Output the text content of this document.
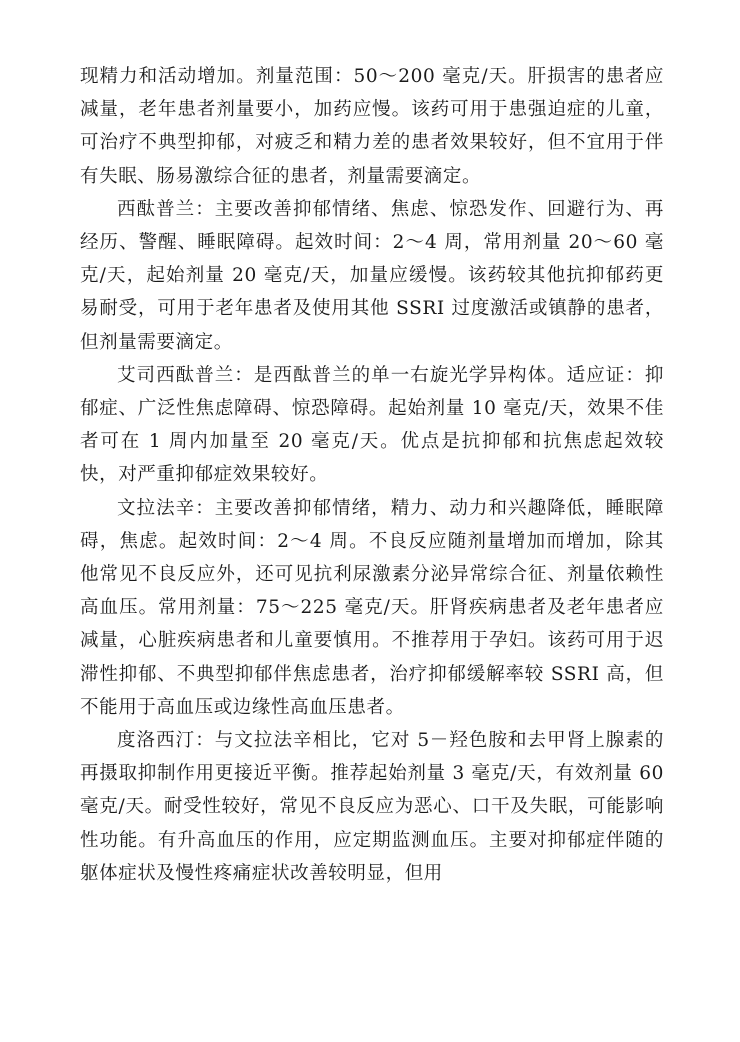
现精力和活动增加。剂量范围：50～200 毫克/天。肝损害的患者应减量，老年患者剂量要小，加药应慢。该药可用于患强迫症的儿童，可治疗不典型抑郁，对疲乏和精力差的患者效果较好，但不宜用于伴有失眠、肠易激综合征的患者，剂量需要滴定。

西酞普兰：主要改善抑郁情绪、焦虑、惊恐发作、回避行为、再经历、警醒、睡眠障碍。起效时间：2～4 周，常用剂量 20～60 毫克/天，起始剂量 20 毫克/天，加量应缓慢。该药较其他抗抑郁药更易耐受，可用于老年患者及使用其他 SSRI 过度激活或镇静的患者，但剂量需要滴定。

艾司西酞普兰：是西酞普兰的单一右旋光学异构体。适应证：抑郁症、广泛性焦虑障碍、惊恐障碍。起始剂量 10 毫克/天，效果不佳者可在 1 周内加量至 20 毫克/天。优点是抗抑郁和抗焦虑起效较快，对严重抑郁症效果较好。

文拉法辛：主要改善抑郁情绪，精力、动力和兴趣降低，睡眠障碍，焦虑。起效时间：2～4 周。不良反应随剂量增加而增加，除其他常见不良反应外，还可见抗利尿激素分泌异常综合征、剂量依赖性高血压。常用剂量：75～225 毫克/天。肝肾疾病患者及老年患者应减量，心脏疾病患者和儿童要慎用。不推荐用于孕妇。该药可用于迟滞性抑郁、不典型抑郁伴焦虑患者，治疗抑郁缓解率较 SSRI 高，但不能用于高血压或边缘性高血压患者。

度洛西汀：与文拉法辛相比，它对 5－羟色胺和去甲肾上腺素的再摄取抑制作用更接近平衡。推荐起始剂量 3 毫克/天，有效剂量 60 毫克/天。耐受性较好，常见不良反应为恶心、口干及失眠，可能影响性功能。有升高血压的作用，应定期监测血压。主要对抑郁症伴随的躯体症状及慢性疼痛症状改善较明显，但用
